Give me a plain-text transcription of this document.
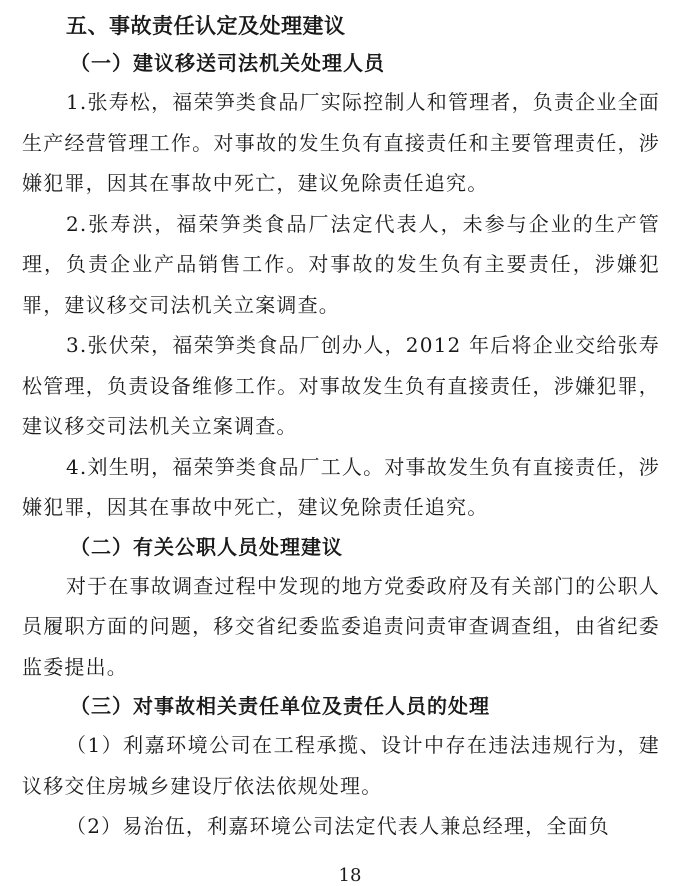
五、事故责任认定及处理建议
（一）建议移送司法机关处理人员

1.张寿松，福荣笋类食品厂实际控制人和管理者，负责企业全面生产经营管理工作。对事故的发生负有直接责任和主要管理责任，涉嫌犯罪，因其在事故中死亡，建议免除责任追究。

2.张寿洪，福荣笋类食品厂法定代表人，未参与企业的生产管理，负责企业产品销售工作。对事故的发生负有主要责任，涉嫌犯罪，建议移交司法机关立案调查。

3.张伏荣，福荣笋类食品厂创办人，2012 年后将企业交给张寿松管理，负责设备维修工作。对事故发生负有直接责任，涉嫌犯罪，建议移交司法机关立案调查。

4.刘生明，福荣笋类食品厂工人。对事故发生负有直接责任，涉嫌犯罪，因其在事故中死亡，建议免除责任追究。

（二）有关公职人员处理建议

对于在事故调查过程中发现的地方党委政府及有关部门的公职人员履职方面的问题，移交省纪委监委追责问责审查调查组，由省纪委监委提出。

（三）对事故相关责任单位及责任人员的处理

（1）利嘉环境公司在工程承揽、设计中存在违法违规行为，建议移交住房城乡建设厅依法依规处理。

（2）易治伍，利嘉环境公司法定代表人兼总经理，全面负

18
